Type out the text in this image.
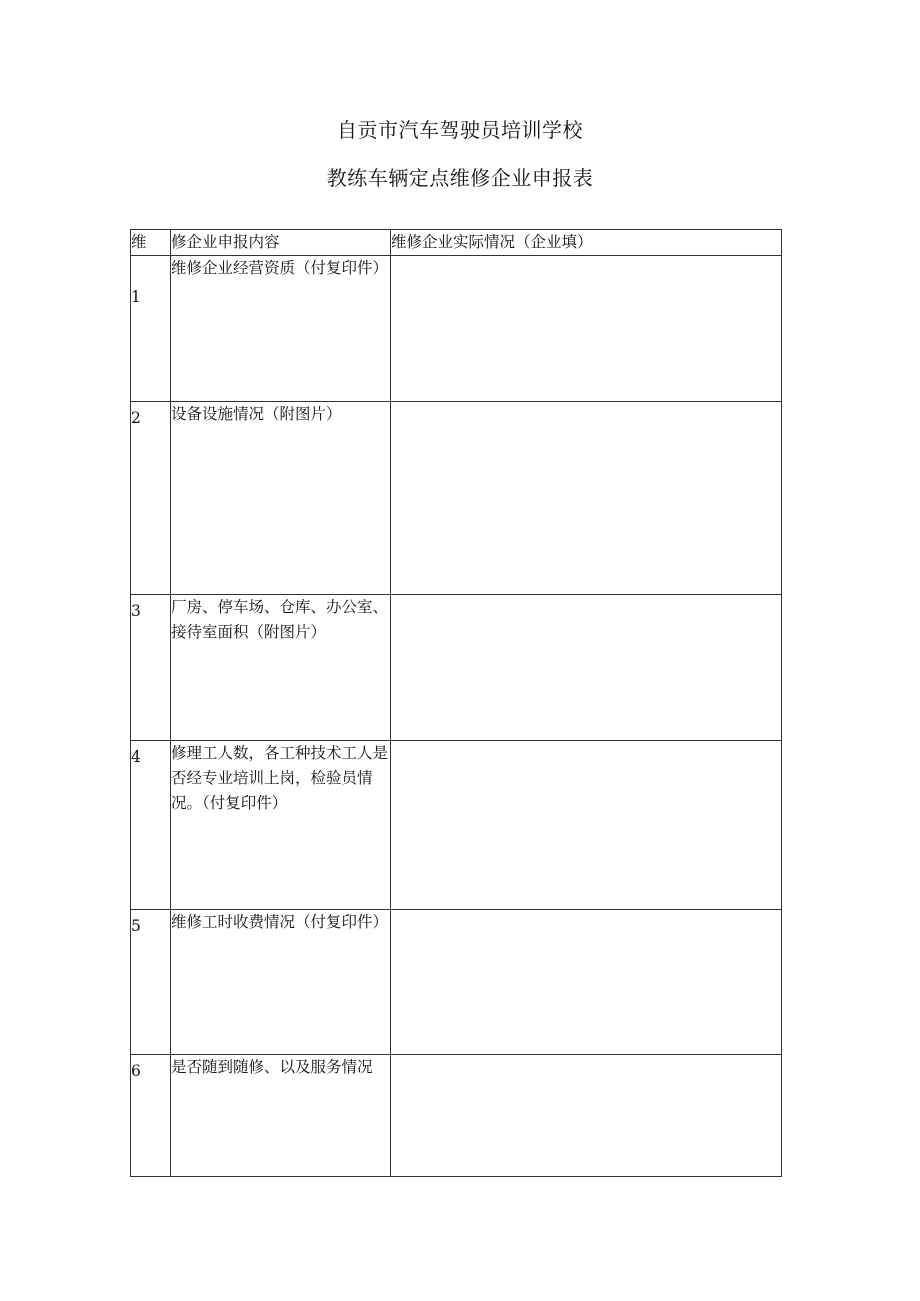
自贡市汽车驾驶员培训学校
教练车辆定点维修企业申报表
维	修企业申报内容	维修企业实际情况（企业填）

1	维修企业经营资质（付复印件）	

2	设备设施情况（附图片）	

3	厂房、停车场、仓库、办公室、接待室面积（附图片）	

4	修理工人数，各工种技术工人是否经专业培训上岗，检验员情况。（付复印件）	

5	维修工时收费情况（付复印件）	

6	是否随到随修、以及服务情况	
